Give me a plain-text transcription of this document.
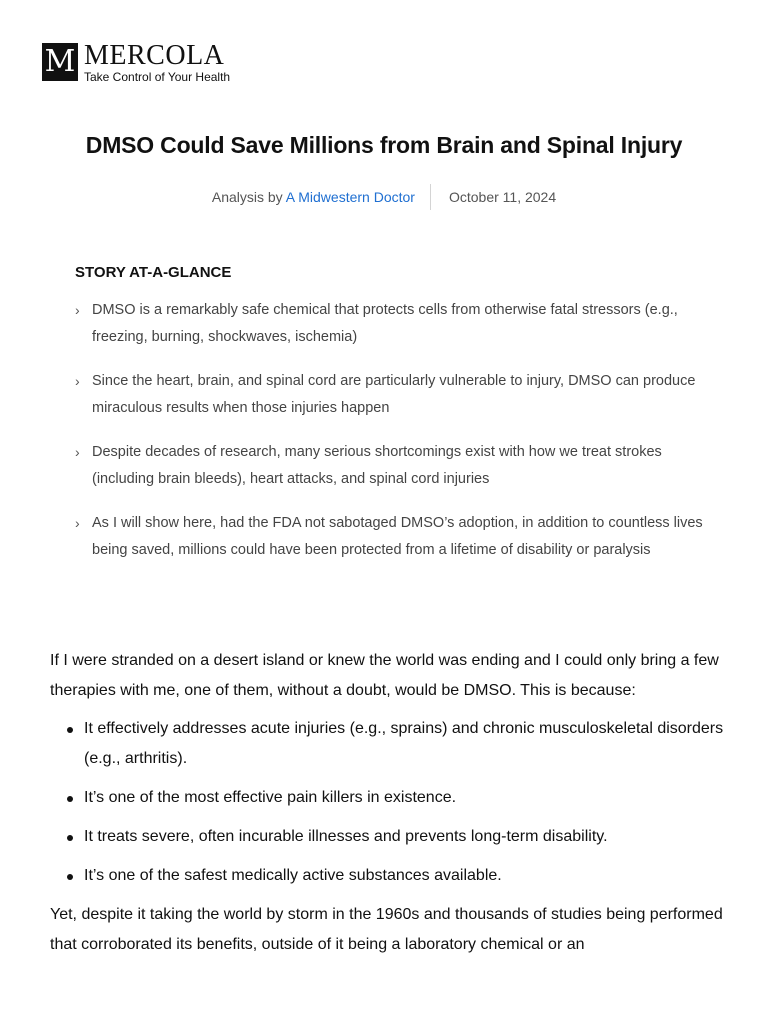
M MERCOLA
Take Control of Your Health
DMSO Could Save Millions from Brain and Spinal Injury
Analysis by A Midwestern Doctor	October 11, 2024
STORY AT-A-GLANCE
› DMSO is a remarkably safe chemical that protects cells from otherwise fatal stressors (e.g., freezing, burning, shockwaves, ischemia)
› Since the heart, brain, and spinal cord are particularly vulnerable to injury, DMSO can produce miraculous results when those injuries happen
› Despite decades of research, many serious shortcomings exist with how we treat strokes (including brain bleeds), heart attacks, and spinal cord injuries
› As I will show here, had the FDA not sabotaged DMSO’s adoption, in addition to countless lives being saved, millions could have been protected from a lifetime of disability or paralysis

If I were stranded on a desert island or knew the world was ending and I could only bring a few therapies with me, one of them, without a doubt, would be DMSO. This is because:

It effectively addresses acute injuries (e.g., sprains) and chronic musculoskeletal disorders (e.g., arthritis).
It’s one of the most effective pain killers in existence.
It treats severe, often incurable illnesses and prevents long-term disability.
It’s one of the safest medically active substances available.

Yet, despite it taking the world by storm in the 1960s and thousands of studies being performed that corroborated its benefits, outside of it being a laboratory chemical or an
